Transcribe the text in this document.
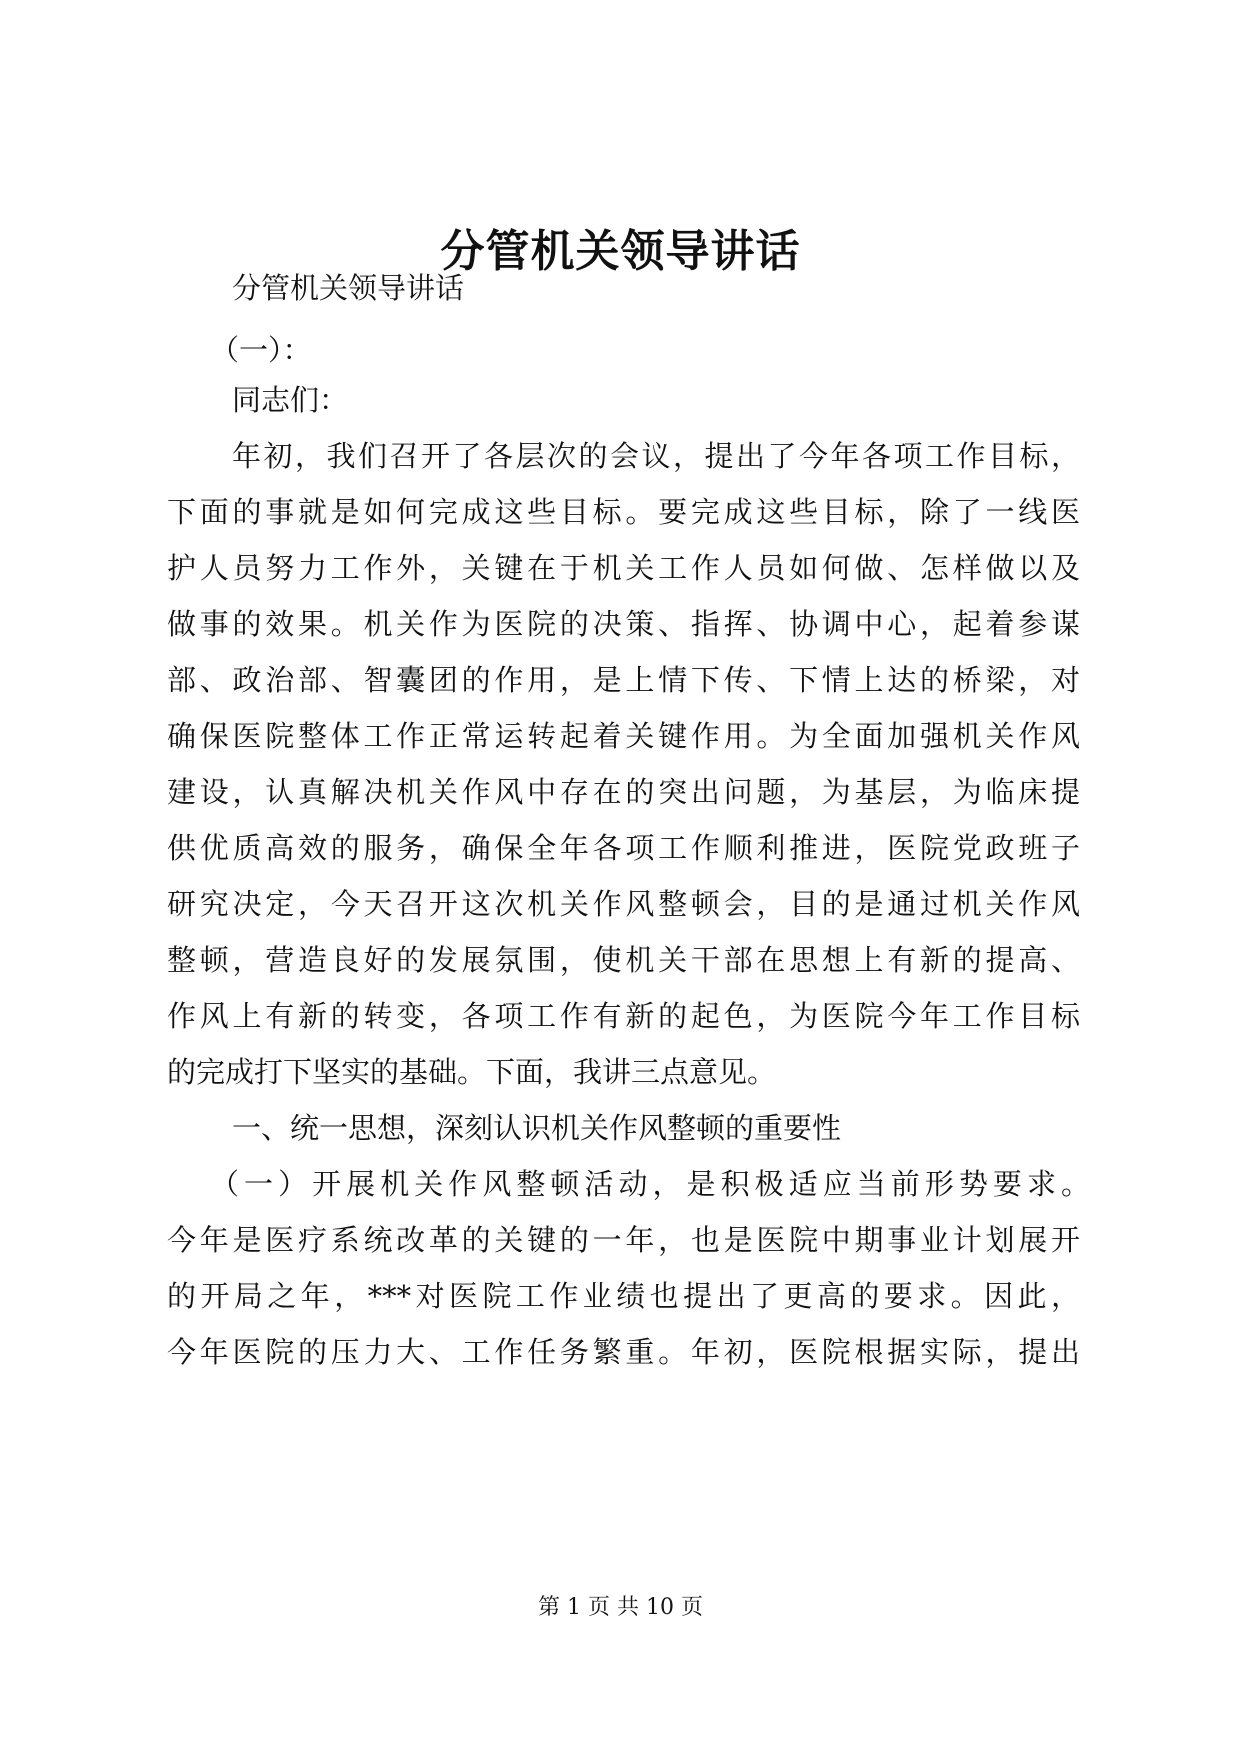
分管机关领导讲话
分管机关领导讲话
（一）：
同志们：
年初，我们召开了各层次的会议，提出了今年各项工作目标，
下面的事就是如何完成这些目标。要完成这些目标，除了一线医
护人员努力工作外，关键在于机关工作人员如何做、怎样做以及
做事的效果。机关作为医院的决策、指挥、协调中心，起着参谋
部、政治部、智囊团的作用，是上情下传、下情上达的桥梁，对
确保医院整体工作正常运转起着关键作用。为全面加强机关作风
建设，认真解决机关作风中存在的突出问题，为基层，为临床提
供优质高效的服务，确保全年各项工作顺利推进，医院党政班子
研究决定，今天召开这次机关作风整顿会，目的是通过机关作风
整顿，营造良好的发展氛围，使机关干部在思想上有新的提高、
作风上有新的转变，各项工作有新的起色，为医院今年工作目标
的完成打下坚实的基础。下面，我讲三点意见。
一、统一思想，深刻认识机关作风整顿的重要性
（一）开展机关作风整顿活动，是积极适应当前形势要求。
今年是医疗系统改革的关键的一年，也是医院中期事业计划展开
的开局之年，***对医院工作业绩也提出了更高的要求。因此，
今年医院的压力大、工作任务繁重。年初，医院根据实际，提出
第 1 页 共 10 页
